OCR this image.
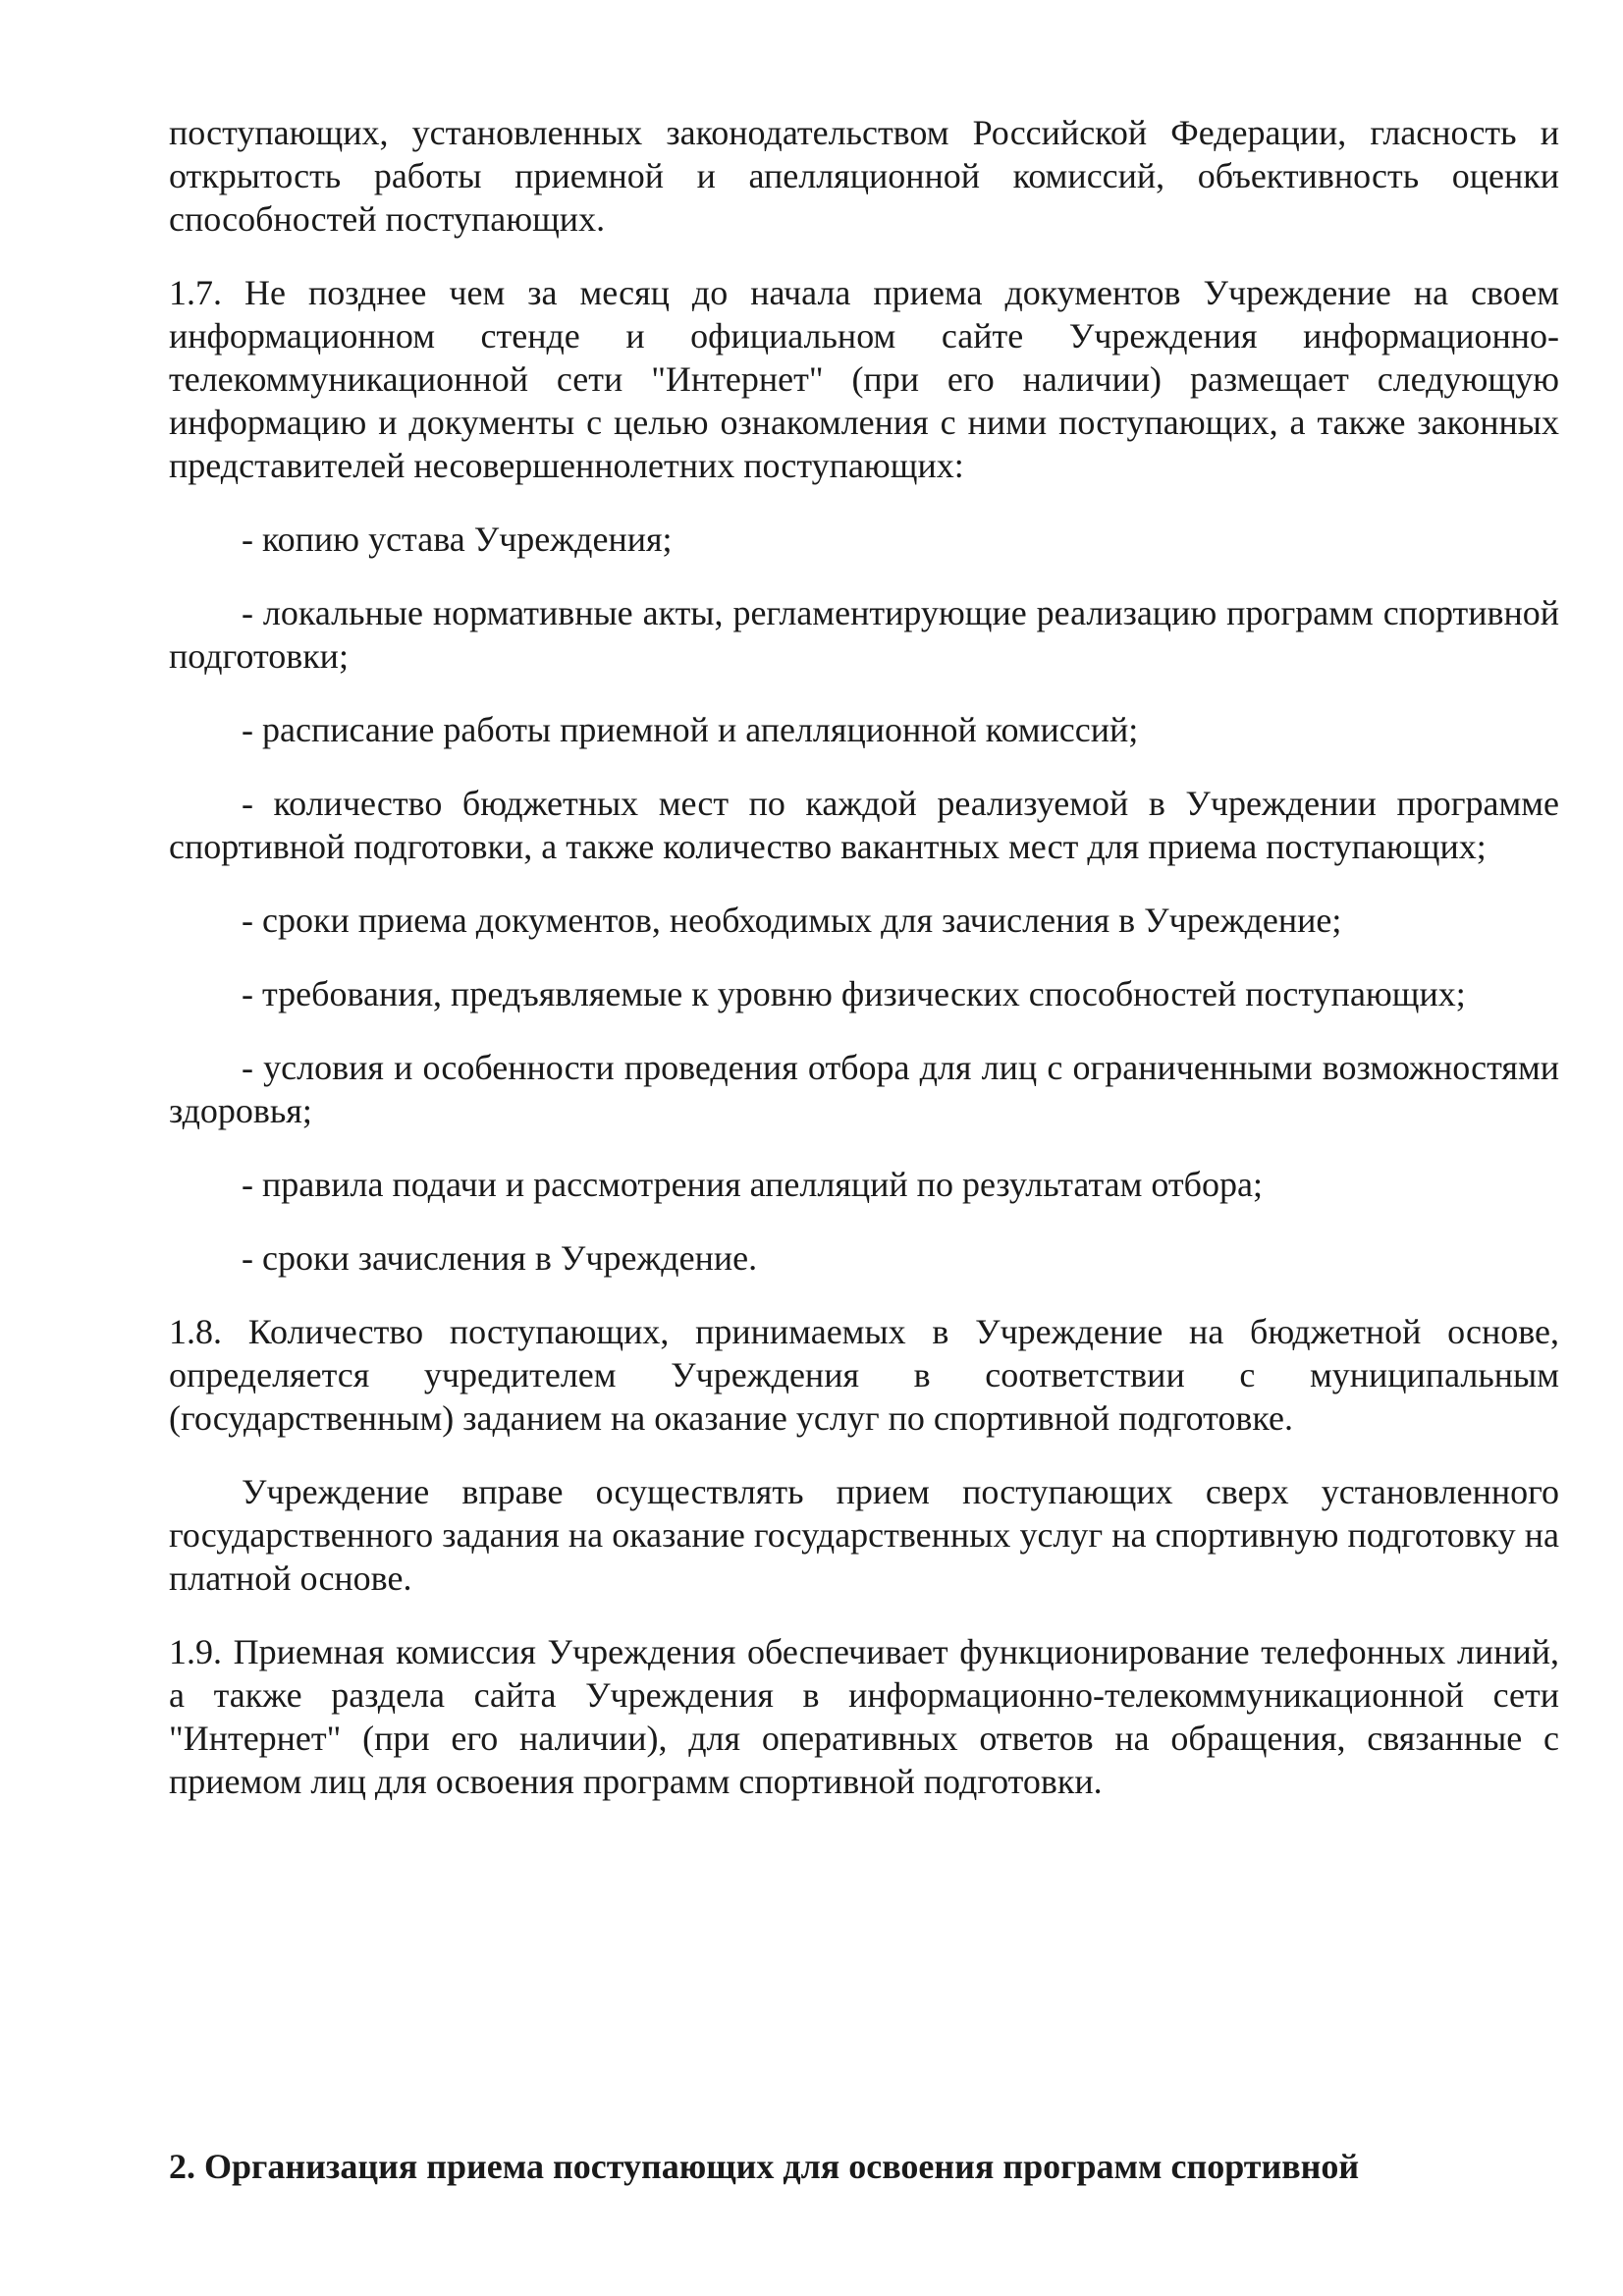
поступающих, установленных законодательством Российской Федерации, гласность и открытость работы приемной и апелляционной комиссий, объективность оценки способностей поступающих.

1.7. Не позднее чем за месяц до начала приема документов Учреждение на своем информационном стенде и официальном сайте Учреждения информационно-телекоммуникационной сети "Интернет" (при его наличии) размещает следующую информацию и документы с целью ознакомления с ними поступающих, а также законных представителей несовершеннолетних поступающих:

- копию устава Учреждения;

- локальные нормативные акты, регламентирующие реализацию программ спортивной подготовки;

- расписание работы приемной и апелляционной комиссий;

- количество бюджетных мест по каждой реализуемой в Учреждении программе спортивной подготовки, а также количество вакантных мест для приема поступающих;

- сроки приема документов, необходимых для зачисления в Учреждение;

- требования, предъявляемые к уровню физических способностей поступающих;

- условия и особенности проведения отбора для лиц с ограниченными возможностями здоровья;

- правила подачи и рассмотрения апелляций по результатам отбора;

- сроки зачисления в Учреждение.

1.8. Количество поступающих, принимаемых в Учреждение на бюджетной основе, определяется учредителем Учреждения в соответствии с муниципальным (государственным) заданием на оказание услуг по спортивной подготовке.

Учреждение вправе осуществлять прием поступающих сверх установленного государственного задания на оказание государственных услуг на спортивную подготовку на платной основе.

1.9. Приемная комиссия Учреждения обеспечивает функционирование телефонных линий, а также раздела сайта Учреждения в информационно-телекоммуникационной сети "Интернет" (при его наличии), для оперативных ответов на обращения, связанные с приемом лиц для освоения программ спортивной подготовки.

2. Организация приема поступающих для освоения программ спортивной
